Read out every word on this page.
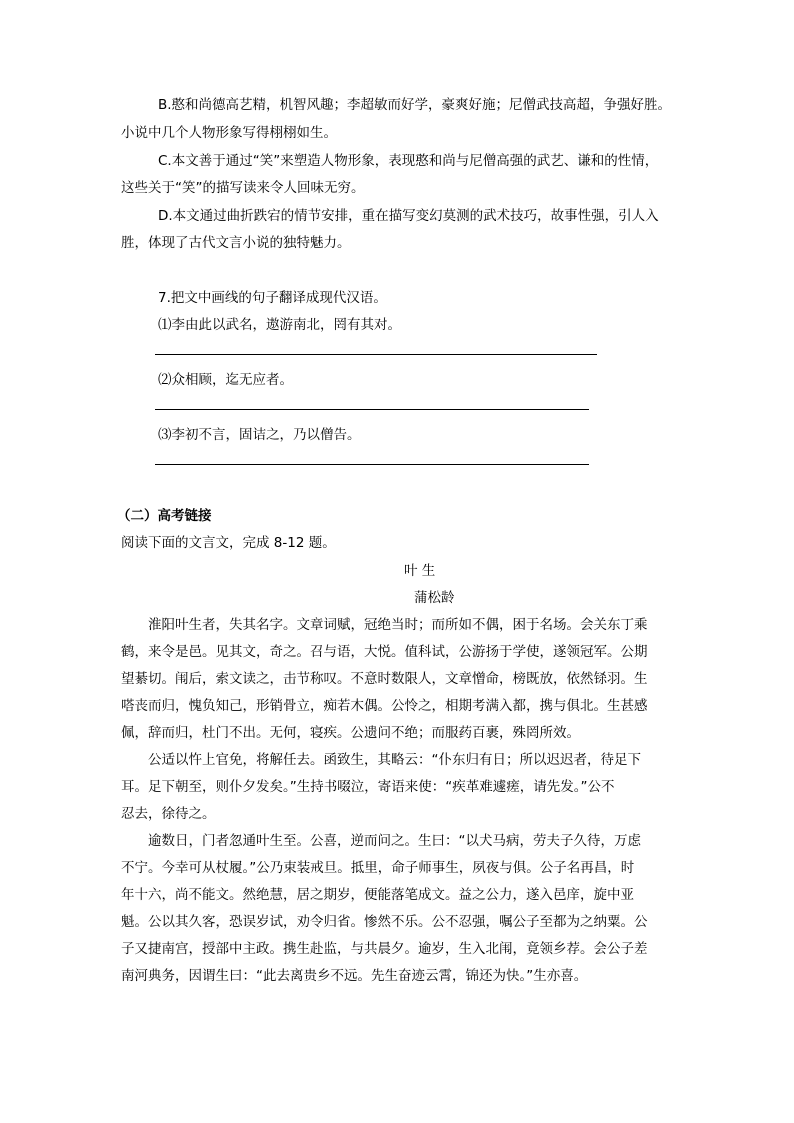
B.憨和尚德高艺精，机智风趣；李超敏而好学，豪爽好施；尼僧武技高超，争强好胜。
小说中几个人物形象写得栩栩如生。
C.本文善于通过“笑”来塑造人物形象，表现憨和尚与尼僧高强的武艺、谦和的性情，
这些关于“笑”的描写读来令人回味无穷。
D.本文通过曲折跌宕的情节安排，重在描写变幻莫测的武术技巧，故事性强，引人入
胜，体现了古代文言小说的独特魅力。
7.把文中画线的句子翻译成现代汉语。
⑴李由此以武名，遨游南北，罔有其对。
⑵众相顾，迄无应者。
⑶李初不言，固诘之，乃以僧告。
（二）高考链接
阅读下面的文言文，完成 8-12 题。
叶 生
蒲松龄
淮阳叶生者，失其名字。文章词赋，冠绝当时；而所如不偶，困于名场。会关东丁乘
鹤，来令是邑。见其文，奇之。召与语，大悦。值科试，公游扬于学使，遂领冠军。公期
望綦切。闱后，索文读之，击节称叹。不意时数限人，文章憎命，榜既放，依然铩羽。生
嗒丧而归，愧负知己，形销骨立，痴若木偶。公怜之，相期考满入都，携与俱北。生甚感
佩，辞而归，杜门不出。无何，寝疾。公遗问不绝；而服药百裹，殊罔所效。
公适以忤上官免，将解任去。函致生，其略云：“仆东归有日；所以迟迟者，待足下
耳。足下朝至，则仆夕发矣。”生持书啜泣，寄语来使：“疾革难遽瘥，请先发。”公不
忍去，徐待之。
逾数日，门者忽通叶生至。公喜，逆而问之。生曰：“以犬马病，劳夫子久待，万虑
不宁。今幸可从杖履。”公乃束装戒旦。抵里，命子师事生，夙夜与俱。公子名再昌，时
年十六，尚不能文。然绝慧，居之期岁，便能落笔成文。益之公力，遂入邑庠，旋中亚
魁。公以其久客，恐误岁试，劝令归省。惨然不乐。公不忍强，嘱公子至都为之纳粟。公
子又捷南宫，授部中主政。携生赴监，与共晨夕。逾岁，生入北闱，竟领乡荐。会公子差
南河典务，因谓生曰：“此去离贵乡不远。先生奋迹云霄，锦还为快。”生亦喜。
